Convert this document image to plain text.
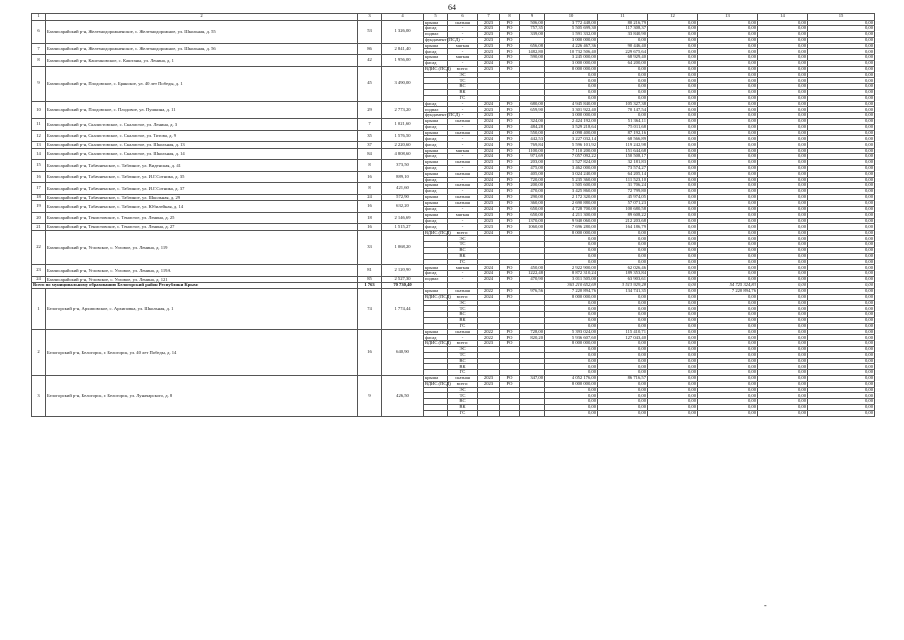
64
1	2	3	4	5	6	7	8	9	10	11	12	13	14	15	
6	Бахчисарайский р-н, Железнодорожненское, с. Железнодорожное, ул. Школьная, д. 55	53	1 326,00	крыша	скатная	2023	РО	506,00	3 772 448,00	80 216,79	0,00	0,00	0,00	0,00	
				фасад	-	2023	РО	757,35	5 505 699,30	117 308,37	0,00	0,00	0,00	0,00	
				подвал	-	2023	РО	339,00	1 591 332,00	33 840,90	0,00	0,00	0,00	0,00	
				фундамент (ПСД)	-	2023	РО		3 000 000,00	0,00	0,00	0,00	0,00	0,00	
7	Бахчисарайский р-н, Железнодорожненское, с. Железнодорожное, ул. Школьная, д. 56	86	2 841,40	крыша	мягкая	2023	РО	656,08	4 226 467,36	90 446,40	0,00	0,00	0,00	0,00	
				фасад	-	2023	РО	1482,80	10 732 506,40	229 675,64	0,00	0,00	0,00	0,00	
8	Бахчисарайский р-н, Каштановское, с. Каштаны, ул. Ленина, д. 1	42	1 956,00	крыша	мягкая	2024	РО	590,00	3 245 000,00	68 929,40	0,00	0,00	0,00	0,00	
				фасад	-	2024	РО		3 000 000,00	64 200,00	0,00	0,00	0,00	0,00	
9	Бахчисарайский р-н, Плодовское, с. Брянское, ул. 40 лет Победы, д. 1	45	3 490,00	ВДИС (ПСД)	всего:	2023	РО		8 000 000,00	0,00	0,00	0,00	0,00	0,00	
					ЭС				0,00	0,00	0,00	0,00	0,00	0,00	
					ТС				0,00	0,00	0,00	0,00	0,00	0,00	
					ВС				0,00	0,00	0,00	0,00	0,00	0,00	
					ВК				0,00	0,00	0,00	0,00	0,00	0,00	
					ГС				0,00	0,00	0,00	0,00	0,00	0,00	
10	Бахчисарайский р-н, Плодовское, с. Плодовое, ул. Пушкина, д. 11	29	2 773,20	фасад	-	2024	РО	680,00	4 945 840,00	105 327,38	0,00	0,00	0,00	0,00	
				подвал	-	2023	РО	659,90	3 301 922,40	70 147,54	0,00	0,00	0,00	0,00	
				фундамент (ПСД)	-	2023	РО		3 000 000,00	0,00	0,00	0,00	0,00	0,00	
11	Бахчисарайский р-н, Скалистовское, с. Скалистое, ул. Ленина, д. 3	7	1 021,60	крыша	скатная	2024	РО	324,00	2 424 192,00	51 364,11	0,00	0,00	0,00	0,00	
				фасад	-	2024	РО	484,28	3 529 218,64	75 011,68	0,00	0,00	0,00	0,00	
12	Бахчисарайский р-н, Скалистовское, с. Скалистое, ул. Титова, д. 9	35	1 576,50	крыша	скатная	2024	РО	550,00	4 098 400,00	87 192,16	0,00	0,00	0,00	0,00	
				фасад	-	2024	РО	442,53	3 227 032,14	68 566,89	0,00	0,00	0,00	0,00	
13	Бахчисарайский р-н, Скалистовское, с. Скалистое, ул. Школьная, д. 13	37	2 220,60	фасад	-	2024	РО	769,84	5 596 101,92	119 242,98	0,00	0,00	0,00	0,00	
14	Бахчисарайский р-н, Скалистовское, с. Скалистое, ул. Школьная, д. 14	84	4 808,60	крыша	мягкая	2024	РО	1100,00	7 110 200,00	151 644,68	0,00	0,00	0,00	0,00	
				фасад	-	2024	РО	971,69	7 057 092,22	150 508,17	0,00	0,00	0,00	0,00	
15	Бахчисарайский р-н, Табачненское, с. Табачное, ул. Виденская, д. 41	8	373,50	крыша	скатная	2023	РО	203,00	1 527 824,00	32 181,83	0,00	0,00	0,00	0,00	
				фасад	-	2024	РО	475,00	3 462 000,00	73 574,27	0,00	0,00	0,00	0,00	
16	Бахчисарайский р-н, Табачненское, с. Табачное, ул. И.Г.Сотника, д. 35	16	889,10	крыша	скатная	2024	РО	405,00	3 024 240,00	64 205,14	0,00	0,00	0,00	0,00	
				фасад	-	2024	РО	720,00	5 235 360,00	111 523,10	0,00	0,00	0,00	0,00	
17	Бахчисарайский р-н, Табачненское, с. Табачное, ул. И.Г.Сотника, д. 37	8	421,60	крыша	скатная	2024	РО	200,00	1 505 600,00	31 706,24	0,00	0,00	0,00	0,00	
				фасад	-	2024	РО	470,00	3 425 860,00	72 799,80	0,00	0,00	0,00	0,00	
18	Бахчисарайский р-н, Табачненское, с. Табачное, ул. Школьная, д. 29	24	572,90	крыша	скатная	2024	РО	290,00	2 172 320,00	45 974,05	0,00	0,00	0,00	0,00	
19	Бахчисарайский р-н, Табачненское, с. Табачное, ул. Юбилейная, д. 14	16	632,20	крыша	скатная	2023	РО	360,00	2 690 880,00	57 071,23	0,00	0,00	0,00	0,00	
				фасад	-	2024	РО	650,00	4 728 700,00	100 680,58	0,00	0,00	0,00	0,00	
20	Бахчисарайский р-н, Тенистовское, с. Тенистое, ул. Ленина, д. 25	18	2 146,69	крыша	мягкая	2023	РО	650,00	4 211 300,00	89 608,22	0,00	0,00	0,00	0,00	
				фасад	-	2023	РО	1370,00	9 940 060,00	212 203,68	0,00	0,00	0,00	0,00	
21	Бахчисарайский р-н, Тенистовское, с. Тенистое, ул. Ленина, д. 27	16	1 515,27	фасад	-	2023	РО	1060,00	7 696 280,00	164 186,79	0,00	0,00	0,00	0,00	
22	Бахчисарайский р-н, Угловское, с. Угловое, ул. Ленина, д. 119	33	1 068,20	ВДИС (ПСД)	всего:	2024	РО		8 000 000,00	0,00	0,00	0,00	0,00	0,00	
					ЭС				0,00	0,00	0,00	0,00	0,00	0,00	
					ТС				0,00	0,00	0,00	0,00	0,00	0,00	
					ВС				0,00	0,00	0,00	0,00	0,00	0,00	
					ВК				0,00	0,00	0,00	0,00	0,00	0,00	
					ГС				0,00	0,00	0,00	0,00	0,00	0,00	
23	Бахчисарайский р-н, Угловское, с. Угловое, ул. Ленина, д. 119А	81	2 120,90	крыша	мягкая	2024	РО	450,00	2 922 900,00	62 026,46	0,00	0,00	0,00	0,00	
				фасад	-	2024	РО	1222,48	8 872 310,24	189 353,84	0,00	0,00	0,00	0,00	
24	Бахчисарайский р-н, Угловское, с. Угловое, ул. Ленина, д. 121	85	2 527,30	подвал	-	2024	РО	470,90	3 011 505,00	63 903,61	0,00	0,00	0,00	0,00	
Всего по муниципальному образованию Белогорский район Республики Крым:		1 763	70 730,40						363 210 652,69	3 513 929,28	0,00	54 725 324,83	0,00	0,00	
1	Белогорский р-н, Архиповское, с. Архиповка, ул. Школьная, д. 1	74	1 774,44	крыша	скатная	2022	РО	976,56	7 220 894,76	134 741,35	0,00	7 220 894,76	0,00	0,00	
				ВДИС (ПСД)	всего:	2024	РО		8 000 000,00	0,00	0,00	0,00	0,00	0,00	
					ЭС				0,00	0,00	0,00	0,00	0,00	0,00	
					ТС				0,00	0,00	0,00	0,00	0,00	0,00	
					ВС				0,00	0,00	0,00	0,00	0,00	0,00	
					ВК				0,00	0,00	0,00	0,00	0,00	0,00	
					ГС				0,00	0,00	0,00	0,00	0,00	0,00	
2	Белогорский р-н, Белогорск, г. Белогорск, ул. 40 лет Победы, д. 14	16	640,90	крыша	скатная	2022	РО	728,00	5 393 024,00	115 410,71	0,00	0,00	0,00	0,00	
				фасад	-	2022	РО	820,20	5 936 607,60	127 043,40	0,00	0,00	0,00	0,00	
				ВДИС (ПСД)	всего:	2023	РО		8 000 000,00	0,00	0,00	0,00	0,00	0,00	
					ЭС				0,00	0,00	0,00	0,00	0,00	0,00	
					ТС				0,00	0,00	0,00	0,00	0,00	0,00	
					ВС				0,00	0,00	0,00	0,00	0,00	0,00	
					ВК				0,00	0,00	0,00	0,00	0,00	0,00	
					ГС				0,00	0,00	0,00	0,00	0,00	0,00	
3	Белогорский р-н, Белогорск, г. Белогорск, ул. Луначарского, д. 8	9	426,50	крыша	скатная	2023	РО	347,00	4 052 176,00	86 716,57	0,00	0,00	0,00	0,00	
				ВДИС (ПСД)	всего:	2023	РО		8 000 000,00	0,00	0,00	0,00	0,00	0,00	
					ЭС				0,00	0,00	0,00	0,00	0,00	0,00	
					ТС				0,00	0,00	0,00	0,00	0,00	0,00	
					ВС				0,00	0,00	0,00	0,00	0,00	0,00	
					ВК				0,00	0,00	0,00	0,00	0,00	0,00	
					ГС				0,00	0,00	0,00	0,00	0,00	0,00	
-
